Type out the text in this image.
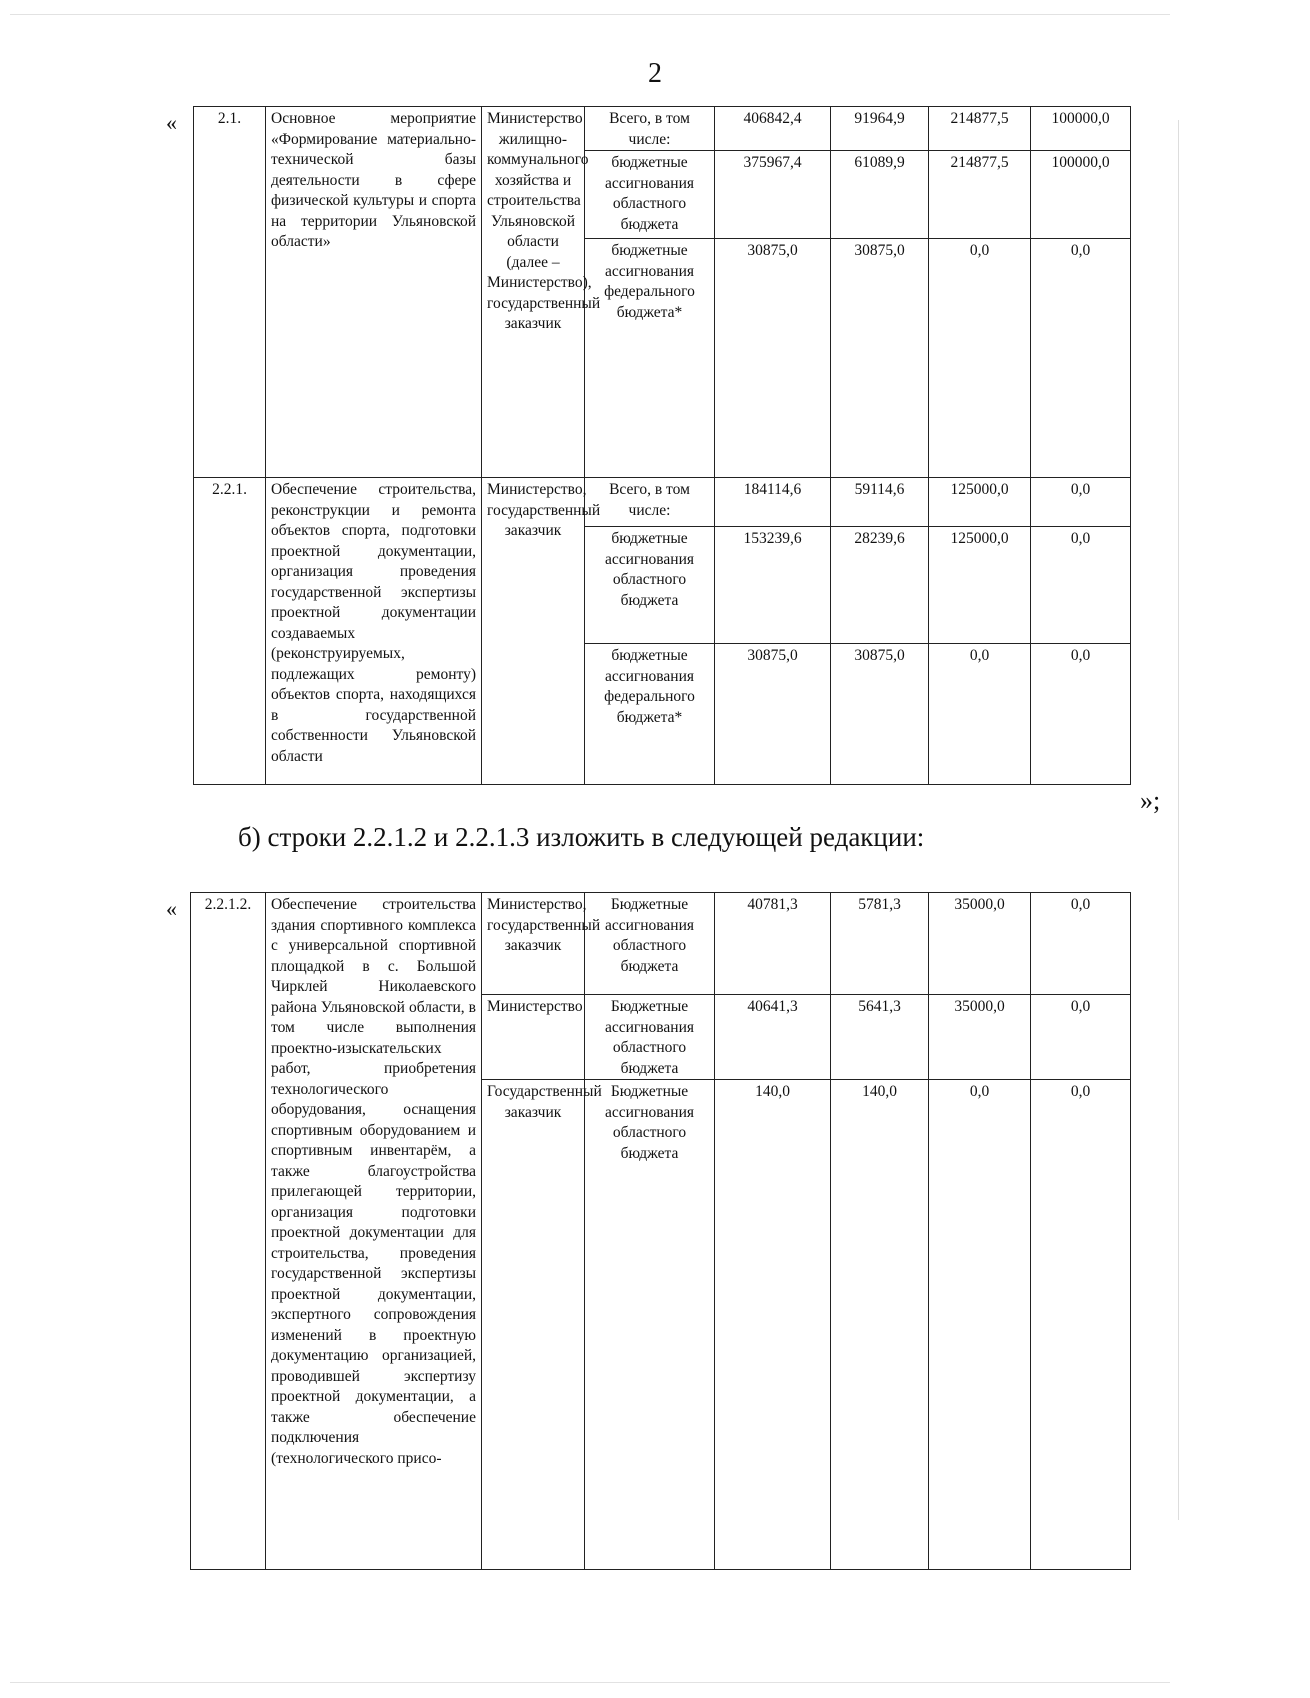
2
«	2.1.	Основное мероприятие «Формирование материально-технической базы деятельности в сфере физической культуры и спорта на территории Ульяновской области»	Министерство жилищно-коммунального хозяйства и строительства Ульяновской области (далее – Министерство), государственный заказчик	Всего, в том числе:	406842,4	91964,9	214877,5	100000,0
			бюджетные ассигнования областного бюджета	375967,4	61089,9	214877,5	100000,0
			бюджетные ассигнования федерального бюджета*	30875,0	30875,0	0,0	0,0
2.2.1.	Обеспечение строительства, реконструкции и ремонта объектов спорта, подготовки проектной документации, организация проведения государственной экспертизы проектной документации создаваемых (реконструируемых, подлежащих ремонту) объектов спорта, находящихся в государственной собственности Ульяновской области	Министерство, государственный заказчик	Всего, в том числе:	184114,6	59114,6	125000,0	0,0
			бюджетные ассигнования областного бюджета	153239,6	28239,6	125000,0	0,0
			бюджетные ассигнования федерального бюджета*	30875,0	30875,0	0,0	0,0
»;
б) строки 2.2.1.2 и 2.2.1.3 изложить в следующей редакции:
« 2.2.1.2.	Обеспечение строительства здания спортивного комплекса с универсальной спортивной площадкой в с. Большой Чирклей Николаевского района Ульяновской области, в том числе выполнения проектно-изыскательских работ, приобретения технологического оборудования, оснащения спортивным оборудованием и спортивным инвентарём, а также благоустройства прилегающей территории, организация подготовки проектной документации для строительства, проведения государственной экспертизы проектной документации, экспертного сопровождения изменений в проектную документацию организацией, проводившей экспертизу проектной документации, а также обеспечение подключения (технологического присо-	Министерство, государственный заказчик	Бюджетные ассигнования областного бюджета	40781,3	5781,3	35000,0	0,0
		Министерство	Бюджетные ассигнования областного бюджета	40641,3	5641,3	35000,0	0,0
		Государственный заказчик	Бюджетные ассигнования областного бюджета	140,0	140,0	0,0	0,0
